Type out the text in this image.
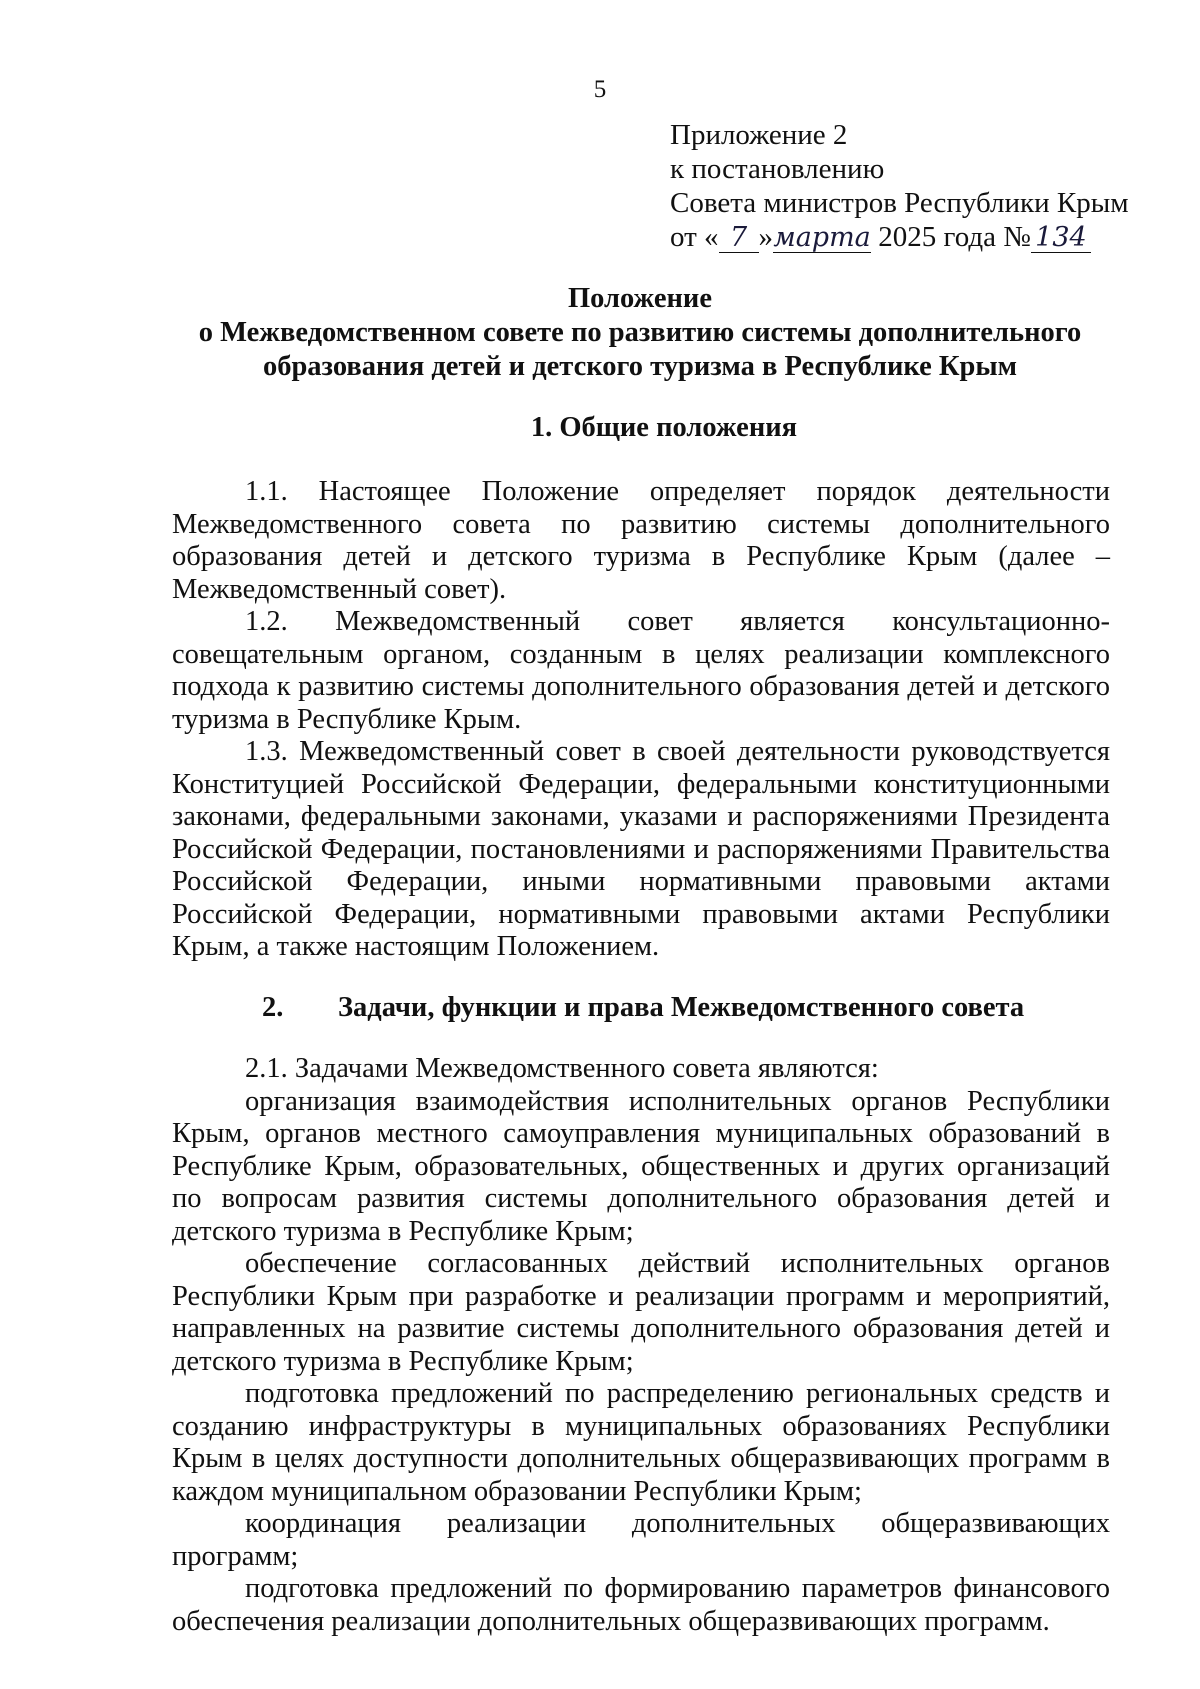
5
Приложение 2
к постановлению
Совета министров Республики Крым
от « 7 »марта 2025 года № 134
Положение
о Межведомственном совете по развитию системы дополнительного
образования детей и детского туризма в Республике Крым
1. Общие положения

1.1. Настоящее Положение определяет порядок деятельности Межведомственного совета по развитию системы дополнительного образования детей и детского туризма в Республике Крым (далее – Межведомственный совет).

1.2. Межведомственный совет является консультационно-совещательным органом, созданным в целях реализации комплексного подхода к развитию системы дополнительного образования детей и детского туризма в Республике Крым.

1.3. Межведомственный совет в своей деятельности руководствуется Конституцией Российской Федерации, федеральными конституционными законами, федеральными законами, указами и распоряжениями Президента Российской Федерации, постановлениями и распоряжениями Правительства Российской Федерации, иными нормативными правовыми актами Российской Федерации, нормативными правовыми актами Республики Крым, а также настоящим Положением.

2. Задачи, функции и права Межведомственного совета

2.1. Задачами Межведомственного совета являются:

организация взаимодействия исполнительных органов Республики Крым, органов местного самоуправления муниципальных образований в Республике Крым, образовательных, общественных и других организаций по вопросам развития системы дополнительного образования детей и детского туризма в Республике Крым;

обеспечение согласованных действий исполнительных органов Республики Крым при разработке и реализации программ и мероприятий, направленных на развитие системы дополнительного образования детей и детского туризма в Республике Крым;

подготовка предложений по распределению региональных средств и созданию инфраструктуры в муниципальных образованиях Республики Крым в целях доступности дополнительных общеразвивающих программ в каждом муниципальном образовании Республики Крым;

координация реализации дополнительных общеразвивающих программ;

подготовка предложений по формированию параметров финансового обеспечения реализации дополнительных общеразвивающих программ.
